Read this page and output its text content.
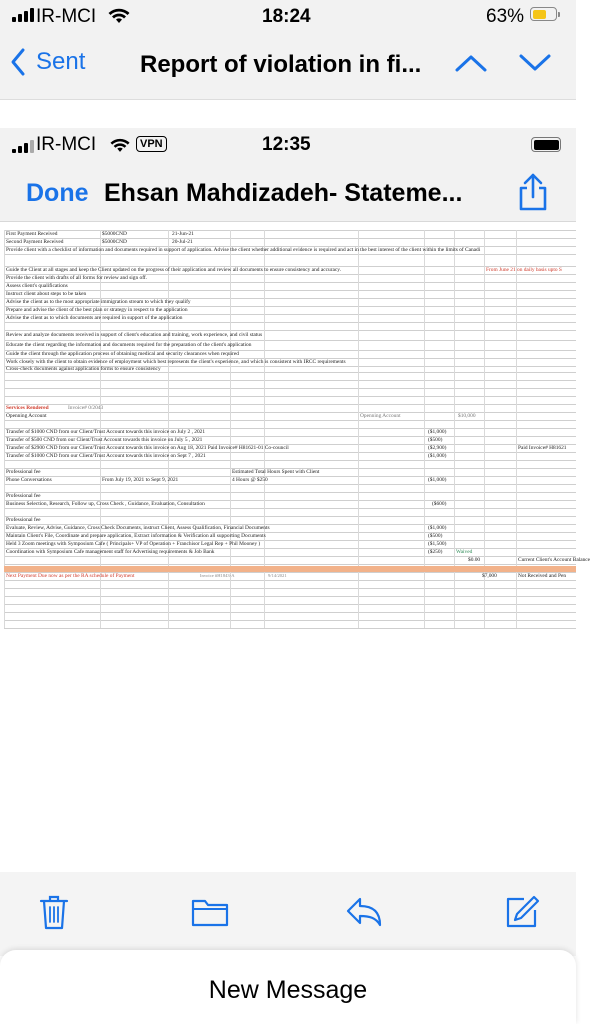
IR-MCI	18:24	63%
Sent Report of violation in fi...
IR-MCI	VPN	12:35
Done Ehsan Mahdizadeh- Stateme...
First Payment Received	$5000CND	21-Jun-21
Second Payment Received	$5000CND	20-Jul-21
Provide client with a checklist of information and documents required in support of application. Advise the client whether additional evidence is required and act in the best interest of the client within the limits of Canadi
Guide the Client at all stages and keep the Client updated on the progress of their application and review all documents to ensure consistency and accuracy.	From June 21 on daily basis upto S
Provide the client with drafts of all forms for review and sign off.
Assess client's qualifications
Instruct client about steps to be taken
Advise the client as to the most appropriate immigration stream to which they qualify
Prepare and advise the client of the best plan or strategy in respect to the application
Advise the client as to which documents are required in support of the application
Review and analyze documents received in support of client's education and training, work experience, and civil status
Educate the client regarding the information and documents required for the preparation of the client's application
Guide the client through the application process of obtaining medical and security clearances when required
Work closely with the client to obtain evidence of employment which best represents the client's experience, and which is consistent with IRCC requirements
Cross-check documents against application forms to ensure consistency
Services Rendered	Invoice# 0/2043
Openning Account	Openning Account	$10,000
Transfer of $1000 CND from our Client/Trust Account towards this invoice on July 2 , 2021	($1,000)
Transfer of $500 CND from our Client/Trust Account towards this invoice on July 5 , 2021	($500)
Transfer of $2900 CND from our Client/Trust Account towards this invoice on Aug 18, 2021 Paid Invoice# H81621-01 Co-council	($2,900)	Paid Invoice# H81621
Transfer of $1000 CND from our Client/Trust Account towards this invoice on Sept 7 , 2021	($1,000)
Professional fee	Estimated Total Hours Spent with Client
Phone Conversations	From July 19, 2021 to Sept 9, 2021	4 Hours @ $250	($1,000)
Professional fee
Business Selection, Research, Follow up, Cross Check , Guidance, Evaluation, Consultation	($600)
Professional fee
Evaluate, Review, Advise, Guidance, Cross Check Documents, instruct Client, Assess Qualification, Financial Documents	($1,000)
Maintain Client's File, Coordinate and prepare application, Extract information & Verification all supporting Documents	($500)
Held 3 Zoom meetings with Symposium Cafe ( Principals+ VP of Operation + Franchisor Legal Rep + Phil Mooney )	($1,500)
Coordination with Symposium Cafe management staff for Advertising requirements & Job Bank	($250)	Waived
$0.00	Current Client's Account Balance
Next Payment Due now as per the RA schedule of Payment	Invoice #H1843-A	9/14/2021	$7,000	Not Received and Pen
New Message
